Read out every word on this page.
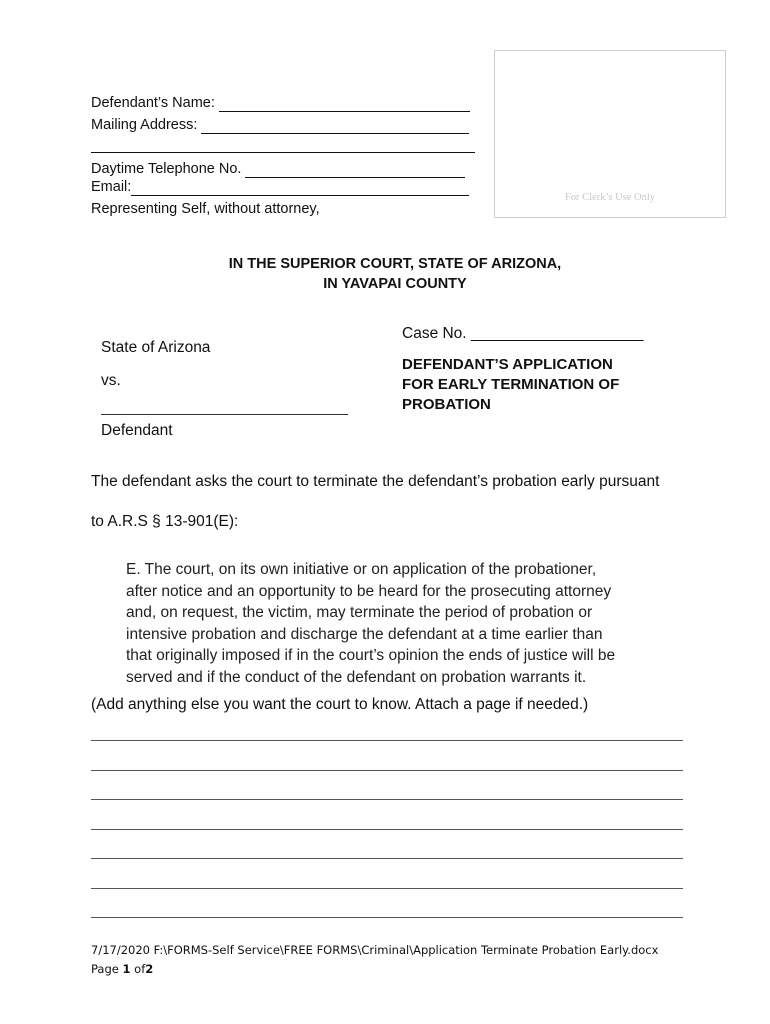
Defendant’s Name:
Mailing Address:
Daytime Telephone No.
Email:
Representing Self, without attorney,
For Clerk’s Use Only
IN THE SUPERIOR COURT, STATE OF ARIZONA,
IN YAVAPAI COUNTY
State of Arizona
vs.
Defendant
Case No. ____________________
DEFENDANT’S APPLICATION
FOR EARLY TERMINATION OF
PROBATION
The defendant asks the court to terminate the defendant’s probation early pursuant
to A.R.S § 13-901(E):
E. The court, on its own initiative or on application of the probationer,
after notice and an opportunity to be heard for the prosecuting attorney
and, on request, the victim, may terminate the period of probation or
intensive probation and discharge the defendant at a time earlier than
that originally imposed if in the court’s opinion the ends of justice will be
served and if the conduct of the defendant on probation warrants it.
(Add anything else you want the court to know. Attach a page if needed.)
7/17/2020 F:\FORMS-Self Service\FREE FORMS\Criminal\Application Terminate Probation Early.docx
Page 1 of2
